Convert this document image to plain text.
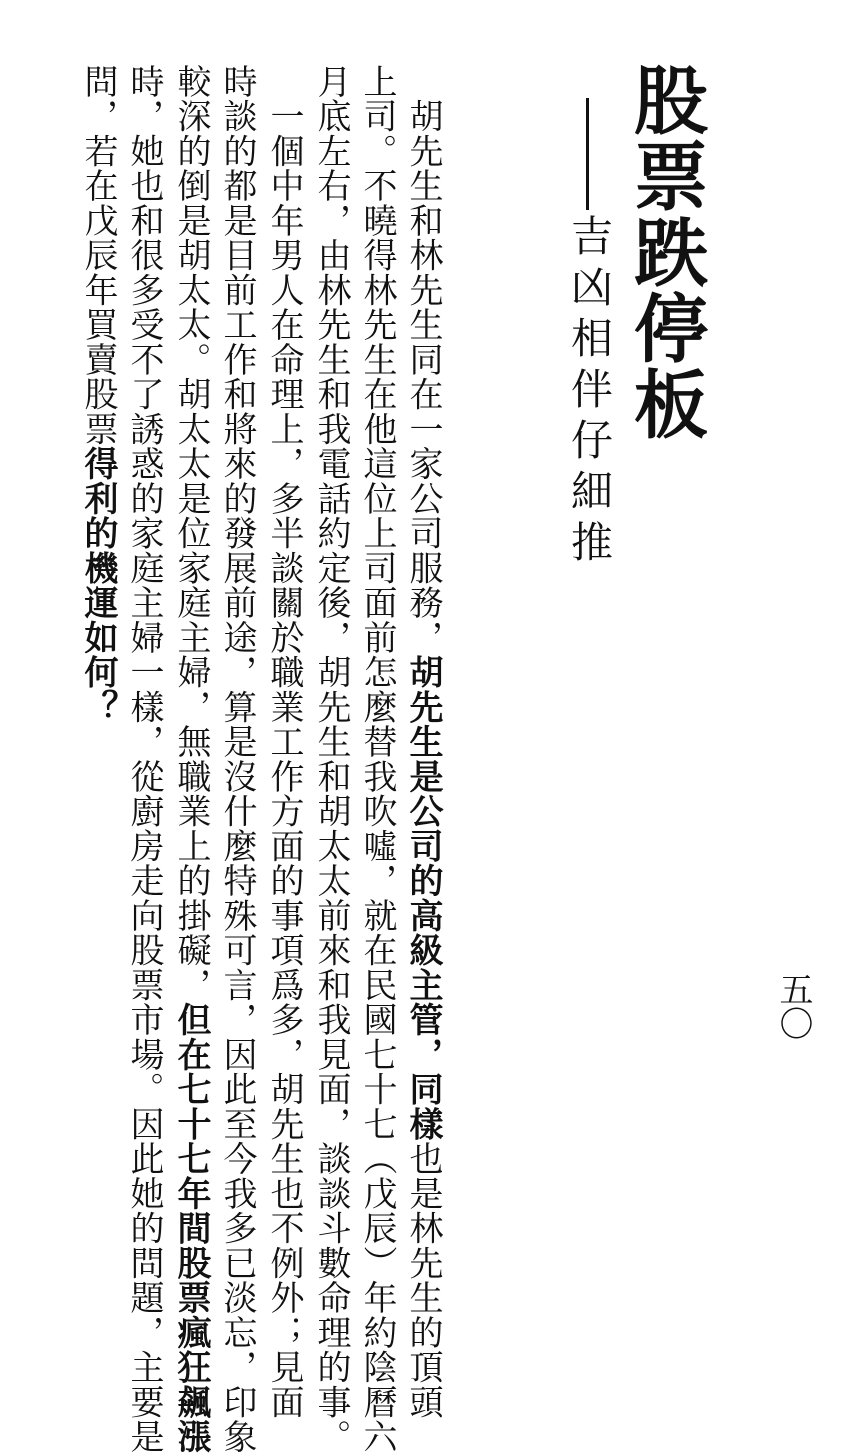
股票跌停板
吉凶相伴仔細推
五〇
　胡先生和林先生同在一家公司服務，胡先生是公司的高級主管，同樣也是林先生的頂頭
上司。不曉得林先生在他這位上司面前怎麼替我吹噓，就在民國七十七（戊辰）年約陰曆六
月底左右，由林先生和我電話約定後，胡先生和胡太太前來和我見面，談談斗數命理的事。
　一個中年男人在命理上，多半談關於職業工作方面的事項爲多，胡先生也不例外；見面
時談的都是目前工作和將來的發展前途，算是沒什麼特殊可言，因此至今我多已淡忘，印象
較深的倒是胡太太。胡太太是位家庭主婦，無職業上的掛礙，但在七十七年間股票瘋狂飆漲
時，她也和很多受不了誘惑的家庭主婦一樣，從廚房走向股票市場。因此她的問題，主要是
問，若在戊辰年買賣股票得利的機運如何？
